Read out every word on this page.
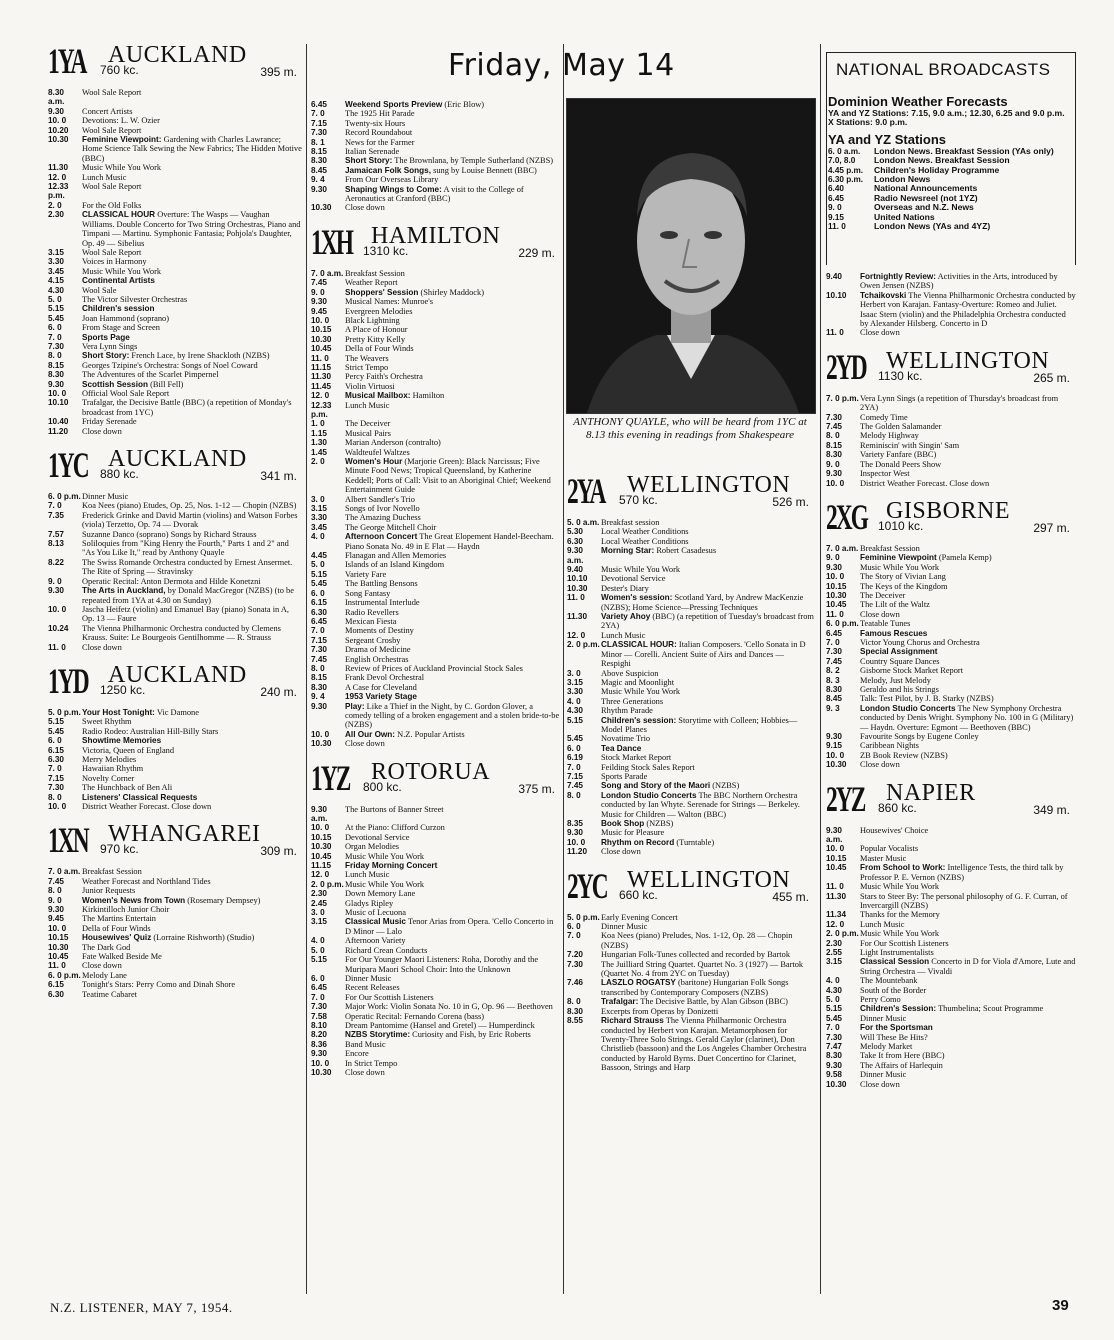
Friday, May 14
ANTHONY QUAYLE, who will be heard from 1YC at 8.13 this evening in readings from Shakespeare
NATIONAL BROADCASTS
Dominion Weather Forecasts
YA and YZ Stations: 7.15, 9.0 a.m.; 12.30, 6.25 and 9.0 p.m.
X Stations: 9.0 p.m.
YA and YZ Stations
6. 0 a.m.	London News. Breakfast Session (YAs only)
7.0, 8.0	London News. Breakfast Session
4.45 p.m.	Children's Holiday Programme
6.30 p.m.	London News
6.40	National Announcements
6.45	Radio Newsreel (not 1YZ)
9. 0	Overseas and N.Z. News
9.15	United Nations
11. 0	London News (YAs and 4YZ)
1YA AUCKLAND
760 kc.	395 m.
8.30 a.m.
Wool Sale Report
9.30	Concert Artists
10. 0	Devotions: L. W. Ozier
10.20	Wool Sale Report
10.30	Feminine Viewpoint: Gardening with Charles Lawrance; Home Science Talk Sewing the New Fabrics; The Hidden Motive (BBC)
11.30	Music While You Work
12. 0	Lunch Music
12.33 p.m.
Wool Sale Report
2. 0	For the Old Folks
2.30	CLASSICAL HOUR Overture: The Wasps — Vaughan Williams. Double Concerto for Two String Orchestras, Piano and Timpani — Martinu. Symphonic Fantasia; Pohjola's Daughter, Op. 49 — Sibelius
3.15	Wool Sale Report
3.30	Voices in Harmony
3.45	Music While You Work
4.15	Continental Artists
4.30	Wool Sale
5. 0	The Victor Silvester Orchestras
5.15	Children's session
5.45	Joan Hammond (soprano)
6. 0	From Stage and Screen
7. 0	Sports Page
7.30	Vera Lynn Sings
8. 0	Short Story: French Lace, by Irene Shackloth (NZBS)
8.15	Georges Tzipine's Orchestra: Songs of Noel Coward
8.30	The Adventures of the Scarlet Pimpernel
9.30	Scottish Session (Bill Fell)
10. 0	Official Wool Sale Report
10.10	Trafalgar, the Decisive Battle (BBC) (a repetition of Monday's broadcast from 1YC)
10.40	Friday Serenade
11.20	Close down
1YC AUCKLAND
880 kc.	341 m.
6. 0 p.m. Dinner Music
7. 0	Koa Nees (piano) Etudes, Op. 25, Nos. 1-12 — Chopin (NZBS)
7.35	Frederick Grinke and David Martin (violins) and Watson Forbes (viola) Terzetto, Op. 74 — Dvorak
7.57	Suzanne Danco (soprano) Songs by Richard Strauss
8.13	Soliloquies from "King Henry the Fourth," Parts 1 and 2" and "As You Like It," read by Anthony Quayle
8.22	The Swiss Romande Orchestra conducted by Ernest Ansermet. The Rite of Spring — Stravinsky
9. 0	Operatic Recital: Anton Dermota and Hilde Konetzni
9.30	The Arts in Auckland, by Donald MacGregor (NZBS) (to be repeated from 1YA at 4.30 on Sunday)
10. 0	Jascha Heifetz (violin) and Emanuel Bay (piano) Sonata in A, Op. 13 — Faure
10.24	The Vienna Philharmonic Orchestra conducted by Clemens Krauss. Suite: Le Bourgeois Gentilhomme — R. Strauss
11. 0	Close down
1YD AUCKLAND
1250 kc.	240 m.
5. 0 p.m. Your Host Tonight: Vic Damone
5.15	Sweet Rhythm
5.45	Radio Rodeo: Australian Hill-Billy Stars
6. 0	Showtime Memories
6.15	Victoria, Queen of England
6.30	Merry Melodies
7. 0	Hawaiian Rhythm
7.15	Novelty Corner
7.30	The Hunchback of Ben Ali
8. 0	Listeners' Classical Requests
10. 0	District Weather Forecast. Close down
1XN WHANGAREI
970 kc.	309 m.
7. 0 a.m. Breakfast Session
7.45	Weather Forecast and Northland Tides
8. 0	Junior Requests
9. 0	Women's News from Town (Rosemary Dempsey)
9.30	Kirkintilloch Junior Choir
9.45	The Martins Entertain
10. 0	Della of Four Winds
10.15	Housewives' Quiz (Lorraine Rishworth) (Studio)
10.30	The Dark God
10.45	Fate Walked Beside Me
11. 0	Close down
6. 0 p.m. Melody Lane
6.15	Tonight's Stars: Perry Como and Dinah Shore
6.30	Teatime Cabaret
6.45	Weekend Sports Preview (Eric Blow)
7. 0	The 1925 Hit Parade
7.15	Twenty-six Hours
7.30	Record Roundabout
8. 1	News for the Farmer
8.15	Italian Serenade
8.30	Short Story: The Brownlana, by Temple Sutherland (NZBS)
8.45	Jamaican Folk Songs, sung by Louise Bennett (BBC)
9. 4	From Our Overseas Library
9.30	Shaping Wings to Come: A visit to the College of Aeronautics at Cranford (BBC)
10.30	Close down
1XH HAMILTON
1310 kc.	229 m.
7. 0 a.m. Breakfast Session
7.45	Weather Report
9. 0	Shoppers' Session (Shirley Maddock)
9.30	Musical Names: Munroe's
9.45	Evergreen Melodies
10. 0	Black Lightning
10.15	A Place of Honour
10.30	Pretty Kitty Kelly
10.45	Della of Four Winds
11. 0	The Weavers
11.15	Strict Tempo
11.30	Percy Faith's Orchestra
11.45	Violin Virtuosi
12. 0	Musical Mailbox: Hamilton
12.33 p.m.
Lunch Music
1. 0	The Deceiver
1.15	Musical Pairs
1.30	Marian Anderson (contralto)
1.45	Waldteufel Waltzes
2. 0	Women's Hour (Marjorie Green): Black Narcissus; Five Minute Food News; Tropical Queensland, by Katherine Keddell; Ports of Call: Visit to an Aboriginal Chief; Weekend Entertainment Guide
3. 0	Albert Sandler's Trio
3.15	Songs of Ivor Novello
3.30	The Amazing Duchess
3.45	The George Mitchell Choir
4. 0	Afternoon Concert The Great Elopement Handel-Beecham. Piano Sonata No. 49 in E Flat — Haydn
4.45	Flanagan and Allen Memories
5. 0	Islands of an Island Kingdom
5.15	Variety Fare
5.45	The Battling Bensons
6. 0	Song Fantasy
6.15	Instrumental Interlude
6.30	Radio Revellers
6.45	Mexican Fiesta
7. 0	Moments of Destiny
7.15	Sergeant Crosby
7.30	Drama of Medicine
7.45	English Orchestras
8. 0	Review of Prices of Auckland Provincial Stock Sales
8.15	Frank Devol Orchestral
8.30	A Case for Cleveland
9. 4	1953 Variety Stage
9.30	Play: Like a Thief in the Night, by C. Gordon Glover, a comedy telling of a broken engagement and a stolen bride-to-be (NZBS)
10. 0	All Our Own: N.Z. Popular Artists
10.30	Close down
1YZ ROTORUA
800 kc.	375 m.
9.30 a.m.
The Burtons of Banner Street
10. 0	At the Piano: Clifford Curzon
10.15	Devotional Service
10.30	Organ Melodies
10.45	Music While You Work
11.15	Friday Morning Concert
12. 0	Lunch Music
2. 0 p.m. Music While You Work
2.30	Down Memory Lane
2.45	Gladys Ripley
3. 0	Music of Lecuona
3.15	Classical Music Tenor Arias from Opera. 'Cello Concerto in D Minor — Lalo
4. 0	Afternoon Variety
5. 0	Richard Crean Conducts
5.15	For Our Younger Maori Listeners: Roha, Dorothy and the Muripara Maori School Choir: Into the Unknown
6. 0	Dinner Music
6.45	Recent Releases
7. 0	For Our Scottish Listeners
7.30	Major Work: Violin Sonata No. 10 in G, Op. 96 — Beethoven
7.58	Operatic Recital: Fernando Corena (bass)
8.10	Dream Pantomime (Hansel and Gretel) — Humperdinck
8.20	NZBS Storytime: Curiosity and Fish, by Eric Roberts
8.36	Band Music
9.30	Encore
10. 0	In Strict Tempo
10.30	Close down
2YA WELLINGTON
570 kc.	526 m.
5. 0 a.m. Breakfast session
5.30	Local Weather Conditions
6.30	Local Weather Conditions
9.30 a.m.
Morning Star: Robert Casadesus
9.40	Music While You Work
10.10	Devotional Service
10.30	Dester's Diary
11. 0	Women's session: Scotland Yard, by Andrew MacKenzie (NZBS); Home Science—Pressing Techniques
11.30	Variety Ahoy (BBC) (a repetition of Tuesday's broadcast from 2YA)
12. 0	Lunch Music
2. 0 p.m. CLASSICAL HOUR: Italian Composers. 'Cello Sonata in D Minor — Corelli. Ancient Suite of Airs and Dances — Respighi
3. 0	Above Suspicion
3.15	Magic and Moonlight
3.30	Music While You Work
4. 0	Three Generations
4.30	Rhythm Parade
5.15	Children's session: Storytime with Colleen; Hobbies—Model Planes
5.45	Novatime Trio
6. 0	Tea Dance
6.19	Stock Market Report
7. 0	Feilding Stock Sales Report
7.15	Sports Parade
7.45	Song and Story of the Maori (NZBS)
8. 0	London Studio Concerts The BBC Northern Orchestra conducted by Ian Whyte. Serenade for Strings — Berkeley. Music for Children — Walton (BBC)
8.35	Book Shop (NZBS)
9.30	Music for Pleasure
10. 0	Rhythm on Record (Turntable)
11.20	Close down
2YC WELLINGTON
660 kc.	455 m.
5. 0 p.m. Early Evening Concert
6. 0	Dinner Music
7. 0	Koa Nees (piano) Preludes, Nos. 1-12, Op. 28 — Chopin (NZBS)
7.20	Hungarian Folk-Tunes collected and recorded by Bartok
7.30	The Juilliard String Quartet. Quartet No. 3 (1927) — Bartok (Quartet No. 4 from 2YC on Tuesday)
7.46	LASZLO ROGATSY (baritone) Hungarian Folk Songs transcribed by Contemporary Composers (NZBS)
8. 0	Trafalgar: The Decisive Battle, by Alan Gibson (BBC)
8.30	Excerpts from Operas by Donizetti
8.55	Richard Strauss The Vienna Philharmonic Orchestra conducted by Herbert von Karajan. Metamorphosen for Twenty-Three Solo Strings. Gerald Caylor (clarinet), Don Christlieb (bassoon) and the Los Angeles Chamber Orchestra conducted by Harold Byrns. Duet Concertino for Clarinet, Bassoon, Strings and Harp
9.40	Fortnightly Review: Activities in the Arts, introduced by Owen Jensen (NZBS)
10.10	Tchaikovski The Vienna Philharmonic Orchestra conducted by Herbert von Karajan. Fantasy-Overture: Romeo and Juliet. Isaac Stern (violin) and the Philadelphia Orchestra conducted by Alexander Hilsberg. Concerto in D
11. 0	Close down
2YD WELLINGTON
1130 kc.	265 m.
7. 0 p.m. Vera Lynn Sings (a repetition of Thursday's broadcast from 2YA)
7.30	Comedy Time
7.45	The Golden Salamander
8. 0	Melody Highway
8.15	Reminiscin' with Singin' Sam
8.30	Variety Fanfare (BBC)
9. 0	The Donald Peers Show
9.30	Inspector West
10. 0	District Weather Forecast. Close down
2XG GISBORNE
1010 kc.	297 m.
7. 0 a.m. Breakfast Session
9. 0	Feminine Viewpoint (Pamela Kemp)
9.30	Music While You Work
10. 0	The Story of Vivian Lang
10.15	The Keys of the Kingdom
10.30	The Deceiver
10.45	The Lilt of the Waltz
11. 0	Close down
6. 0 p.m. Teatable Tunes
6.45	Famous Rescues
7. 0	Victor Young Chorus and Orchestra
7.30	Special Assignment
7.45	Country Square Dances
8. 2	Gisborne Stock Market Report
8. 3	Melody, Just Melody
8.30	Geraldo and his Strings
8.45	Talk: Test Pilot, by J. B. Starky (NZBS)
9. 3	London Studio Concerts The New Symphony Orchestra conducted by Denis Wright. Symphony No. 100 in G (Military) — Haydn. Overture: Egmont — Beethoven (BBC)
9.30	Favourite Songs by Eugene Conley
9.15	Caribbean Nights
10. 0	ZB Book Review (NZBS)
10.30	Close down
2YZ NAPIER
860 kc.	349 m.
9.30 a.m.
Housewives' Choice
10. 0	Popular Vocalists
10.15	Master Music
10.45	From School to Work: Intelligence Tests, the third talk by Professor P. E. Vernon (NZBS)
11. 0	Music While You Work
11.30	Stars to Steer By: The personal philosophy of G. F. Curran, of Invercargill (NZBS)
11.34	Thanks for the Memory
12. 0	Lunch Music
2. 0 p.m. Music While You Work
2.30	For Our Scottish Listeners
2.55	Light Instrumentalists
3.15	Classical Session Concerto in D for Viola d'Amore, Lute and String Orchestra — Vivaldi
4. 0	The Mountebank
4.30	South of the Border
5. 0	Perry Como
5.15	Children's Session: Thumbelina; Scout Programme
5.45	Dinner Music
7. 0	For the Sportsman
7.30	Will These Be Hits?
7.47	Melody Market
8.30	Take It from Here (BBC)
9.30	The Affairs of Harlequin
9.58	Dinner Music
10.30	Close down
N.Z. LISTENER, MAY 7, 1954.	39
